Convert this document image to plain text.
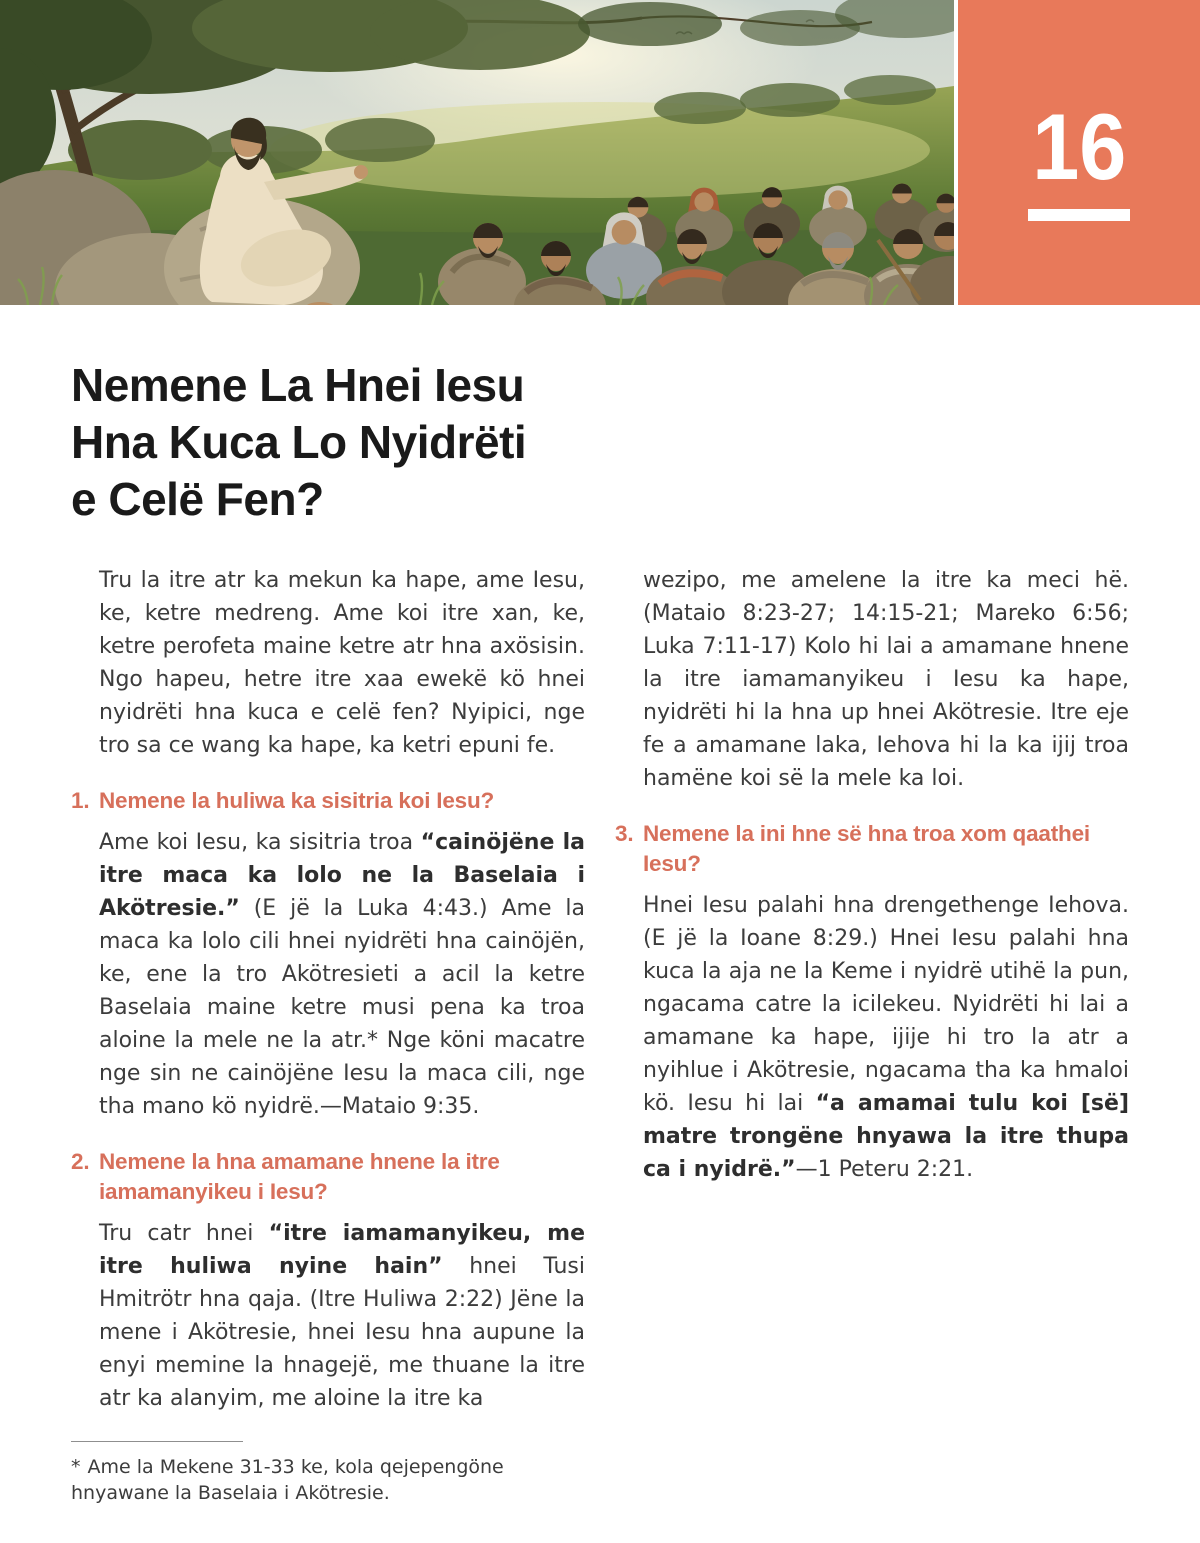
16
Nemene La Hnei Iesu
Hna Kuca Lo Nyidrëti
e Celë Fen?

Tru la itre atr ka mekun ka hape, ame Iesu, ke, ketre medreng. Ame koi itre xan, ke, ketre perofeta maine ketre atr hna axösisin. Ngo hapeu, hetre itre xaa ewekë kö hnei nyidrëti hna kuca e celë fen? Nyipici, nge tro sa ce wang ka hape, ka ketri epuni fe.

1. Nemene la huliwa ka sisitria koi Iesu?

Ame koi Iesu, ka sisitria troa “cainöjëne la itre maca ka lolo ne la Baselaia i Akötresie.” (E jë la Luka 4:43.) Ame la maca ka lolo cili hnei nyidrëti hna cainöjën, ke, ene la tro Akötresieti a acil la ketre Baselaia maine ketre musi pena ka troa aloine la mele ne la atr.* Nge köni macatre nge sin ne cainöjëne Iesu la maca cili, nge tha mano kö nyidrë.—Mataio 9:35.

2. Nemene la hna amamane hnene la itre iamamanyikeu i Iesu?

Tru catr hnei “itre iamamanyikeu, me itre huliwa nyine hain” hnei Tusi Hmitrötr hna qaja. (Itre Huliwa 2:22) Jëne la mene i Akötresie, hnei Iesu hna aupune la enyi memine la hnagejë, me thuane la itre atr ka alanyim, me aloine la itre ka

* Ame la Mekene 31-33 ke, kola qejepengöne hnyawane la Baselaia i Akötresie.

wezipo, me amelene la itre ka meci hë. (Mataio 8:23-27; 14:15-21; Mareko 6:56; Luka 7:11-17) Kolo hi lai a amamane hnene la itre iamamanyikeu i Iesu ka hape, nyidrëti hi la hna up hnei Akötresie. Itre eje fe a amamane laka, Iehova hi la ka ijij troa hamëne koi së la mele ka loi.

3. Nemene la ini hne së hna troa xom qaathei Iesu?

Hnei Iesu palahi hna drengethenge Iehova. (E jë la Ioane 8:29.) Hnei Iesu palahi hna kuca la aja ne la Keme i nyidrë utihë la pun, ngacama catre la icilekeu. Nyidrëti hi lai a amamane ka hape, ijije hi tro la atr a nyihlue i Akötresie, ngacama tha ka hmaloi kö. Iesu hi lai “a amamai tulu koi [së] matre trongëne hnyawa la itre thupa ca i nyidrë.”—1 Peteru 2:21.
